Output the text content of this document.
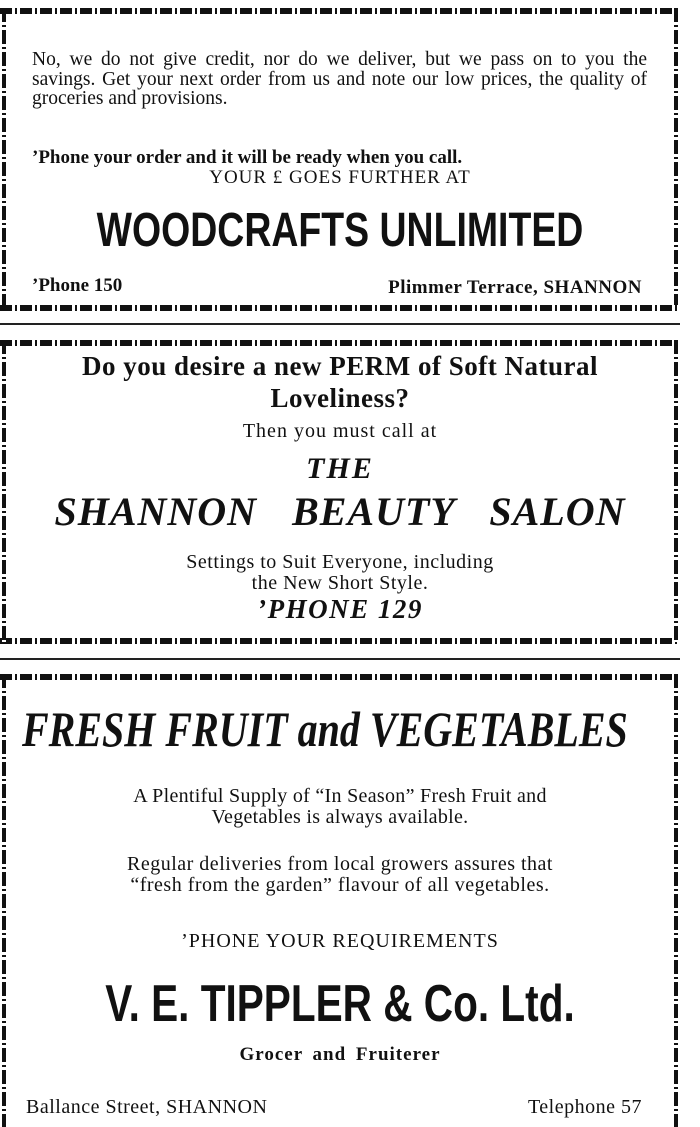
No, we do not give credit, nor do we deliver, but we pass on to you the savings. Get your next order from us and note our low prices, the quality of groceries and provisions.
’Phone your order and it will be ready when you call.
YOUR £ GOES FURTHER AT
WOODCRAFTS UNLIMITED
’Phone 150	Plimmer Terrace, SHANNON
Do you desire a new PERM of Soft Natural Loveliness?
Then you must call at
THE
SHANNON BEAUTY SALON
Settings to Suit Everyone, including
the New Short Style.
’PHONE 129
FRESH FRUIT and VEGETABLES
A Plentiful Supply of “In Season” Fresh Fruit and
Vegetables is always available.
Regular deliveries from local growers assures that
“fresh from the garden” flavour of all vegetables.
’PHONE YOUR REQUIREMENTS
V. E. TIPPLER & Co. Ltd.
Grocer and Fruiterer
Ballance Street, SHANNON	Telephone 57
